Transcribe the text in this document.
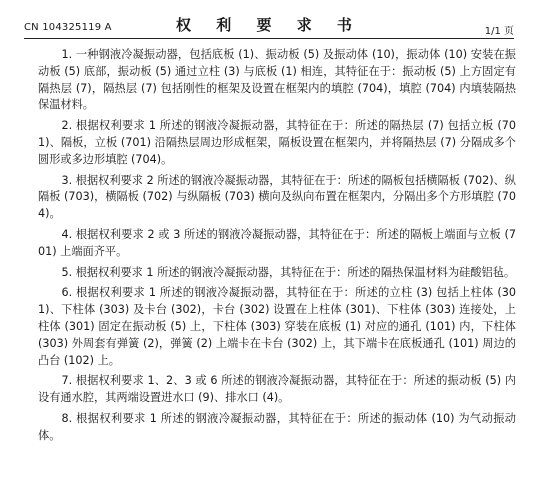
CN 104325119 A	权 利 要 求 书	1/1 页

1. 一种钢液冷凝振动器，包括底板 (1)、振动板 (5) 及振动体 (10)，振动体 (10) 安装在振动板 (5) 底部，振动板 (5) 通过立柱 (3) 与底板 (1) 相连，其特征在于：振动板 (5) 上方固定有隔热层 (7)，隔热层 (7) 包括刚性的框架及设置在框架内的填腔 (704)，填腔 (704) 内填装隔热保温材料。

2. 根据权利要求 1 所述的钢液冷凝振动器，其特征在于：所述的隔热层 (7) 包括立板 (701)、隔板，立板 (701) 沿隔热层周边形成框架，隔板设置在框架内，并将隔热层 (7) 分隔成多个圆形或多边形填腔 (704)。

3. 根据权利要求 2 所述的钢液冷凝振动器，其特征在于：所述的隔板包括横隔板 (702)、纵隔板 (703)，横隔板 (702) 与纵隔板 (703) 横向及纵向布置在框架内，分隔出多个方形填腔 (704)。

4. 根据权利要求 2 或 3 所述的钢液冷凝振动器，其特征在于：所述的隔板上端面与立板 (701) 上端面齐平。

5. 根据权利要求 1 所述的钢液冷凝振动器，其特征在于：所述的隔热保温材料为硅酸铝毡。

6. 根据权利要求 1 所述的钢液冷凝振动器，其特征在于：所述的立柱 (3) 包括上柱体 (301)、下柱体 (303) 及卡台 (302)，卡台 (302) 设置在上柱体 (301)、下柱体 (303) 连接处，上柱体 (301) 固定在振动板 (5) 上，下柱体 (303) 穿装在底板 (1) 对应的通孔 (101) 内，下柱体 (303) 外周套有弹簧 (2)，弹簧 (2) 上端卡在卡台 (302) 上，其下端卡在底板通孔 (101) 周边的凸台 (102) 上。

7. 根据权利要求 1、2、3 或 6 所述的钢液冷凝振动器，其特征在于：所述的振动板 (5) 内设有通水腔，其两端设置进水口 (9)、排水口 (4)。

8. 根据权利要求 1 所述的钢液冷凝振动器，其特征在于：所述的振动体 (10) 为气动振动体。
